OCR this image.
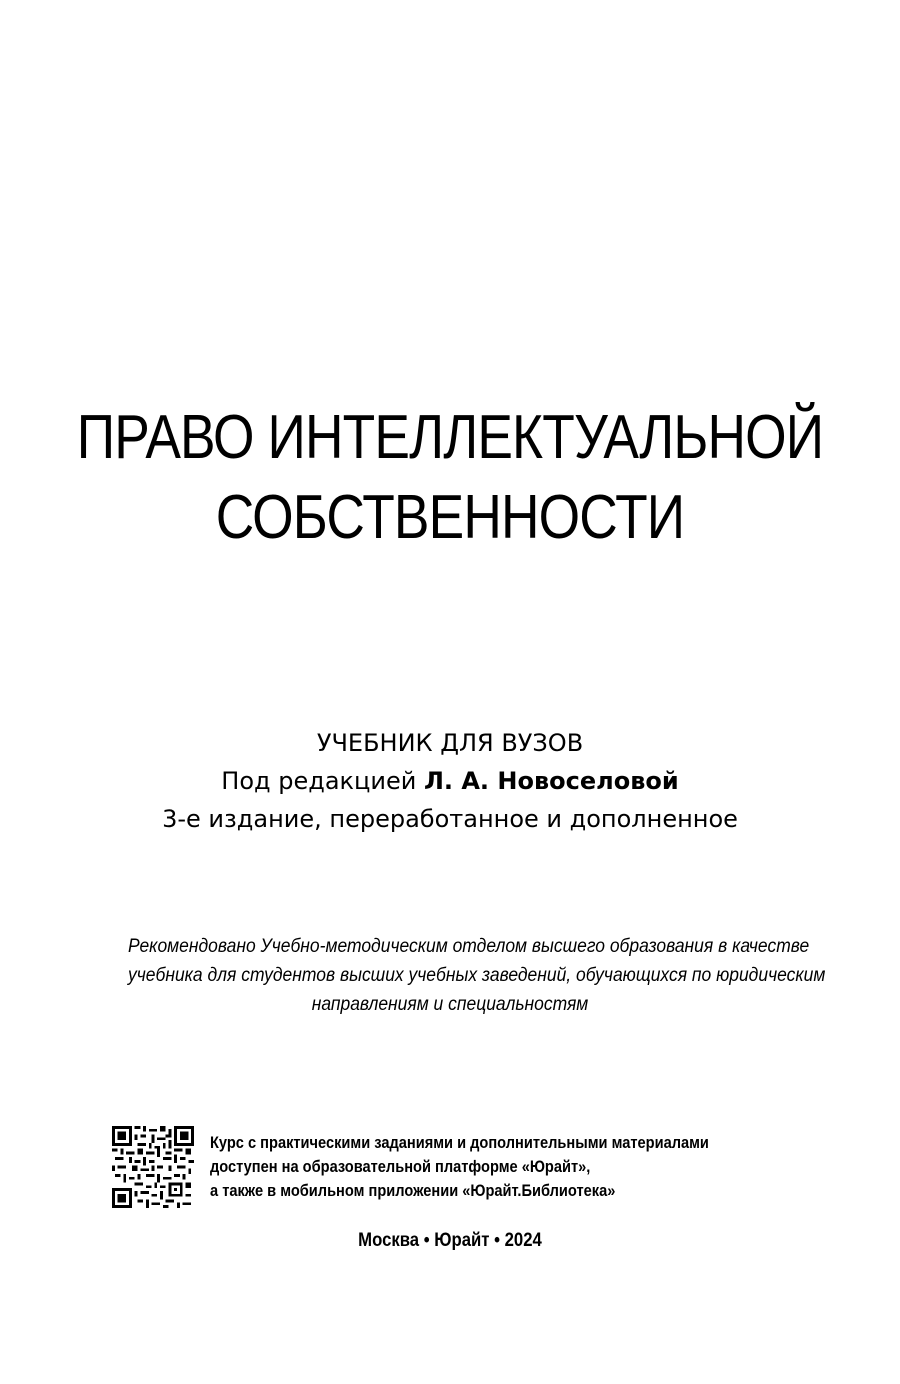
ПРАВО ИНТЕЛЛЕКТУАЛЬНОЙ
СОБСТВЕННОСТИ
УЧЕБНИК ДЛЯ ВУЗОВ
Под редакцией Л. А. Новоселовой
3-е издание, переработанное и дополненное
Рекомендовано Учебно-методическим отделом высшего образования в качестве
учебника для студентов высших учебных заведений, обучающихся по юридическим
направлениям и специальностям
Курс с практическими заданиями и дополнительными материалами
доступен на образовательной платформе «Юрайт»,
а также в мобильном приложении «Юрайт.Библиотека»
Москва • Юрайт • 2024
